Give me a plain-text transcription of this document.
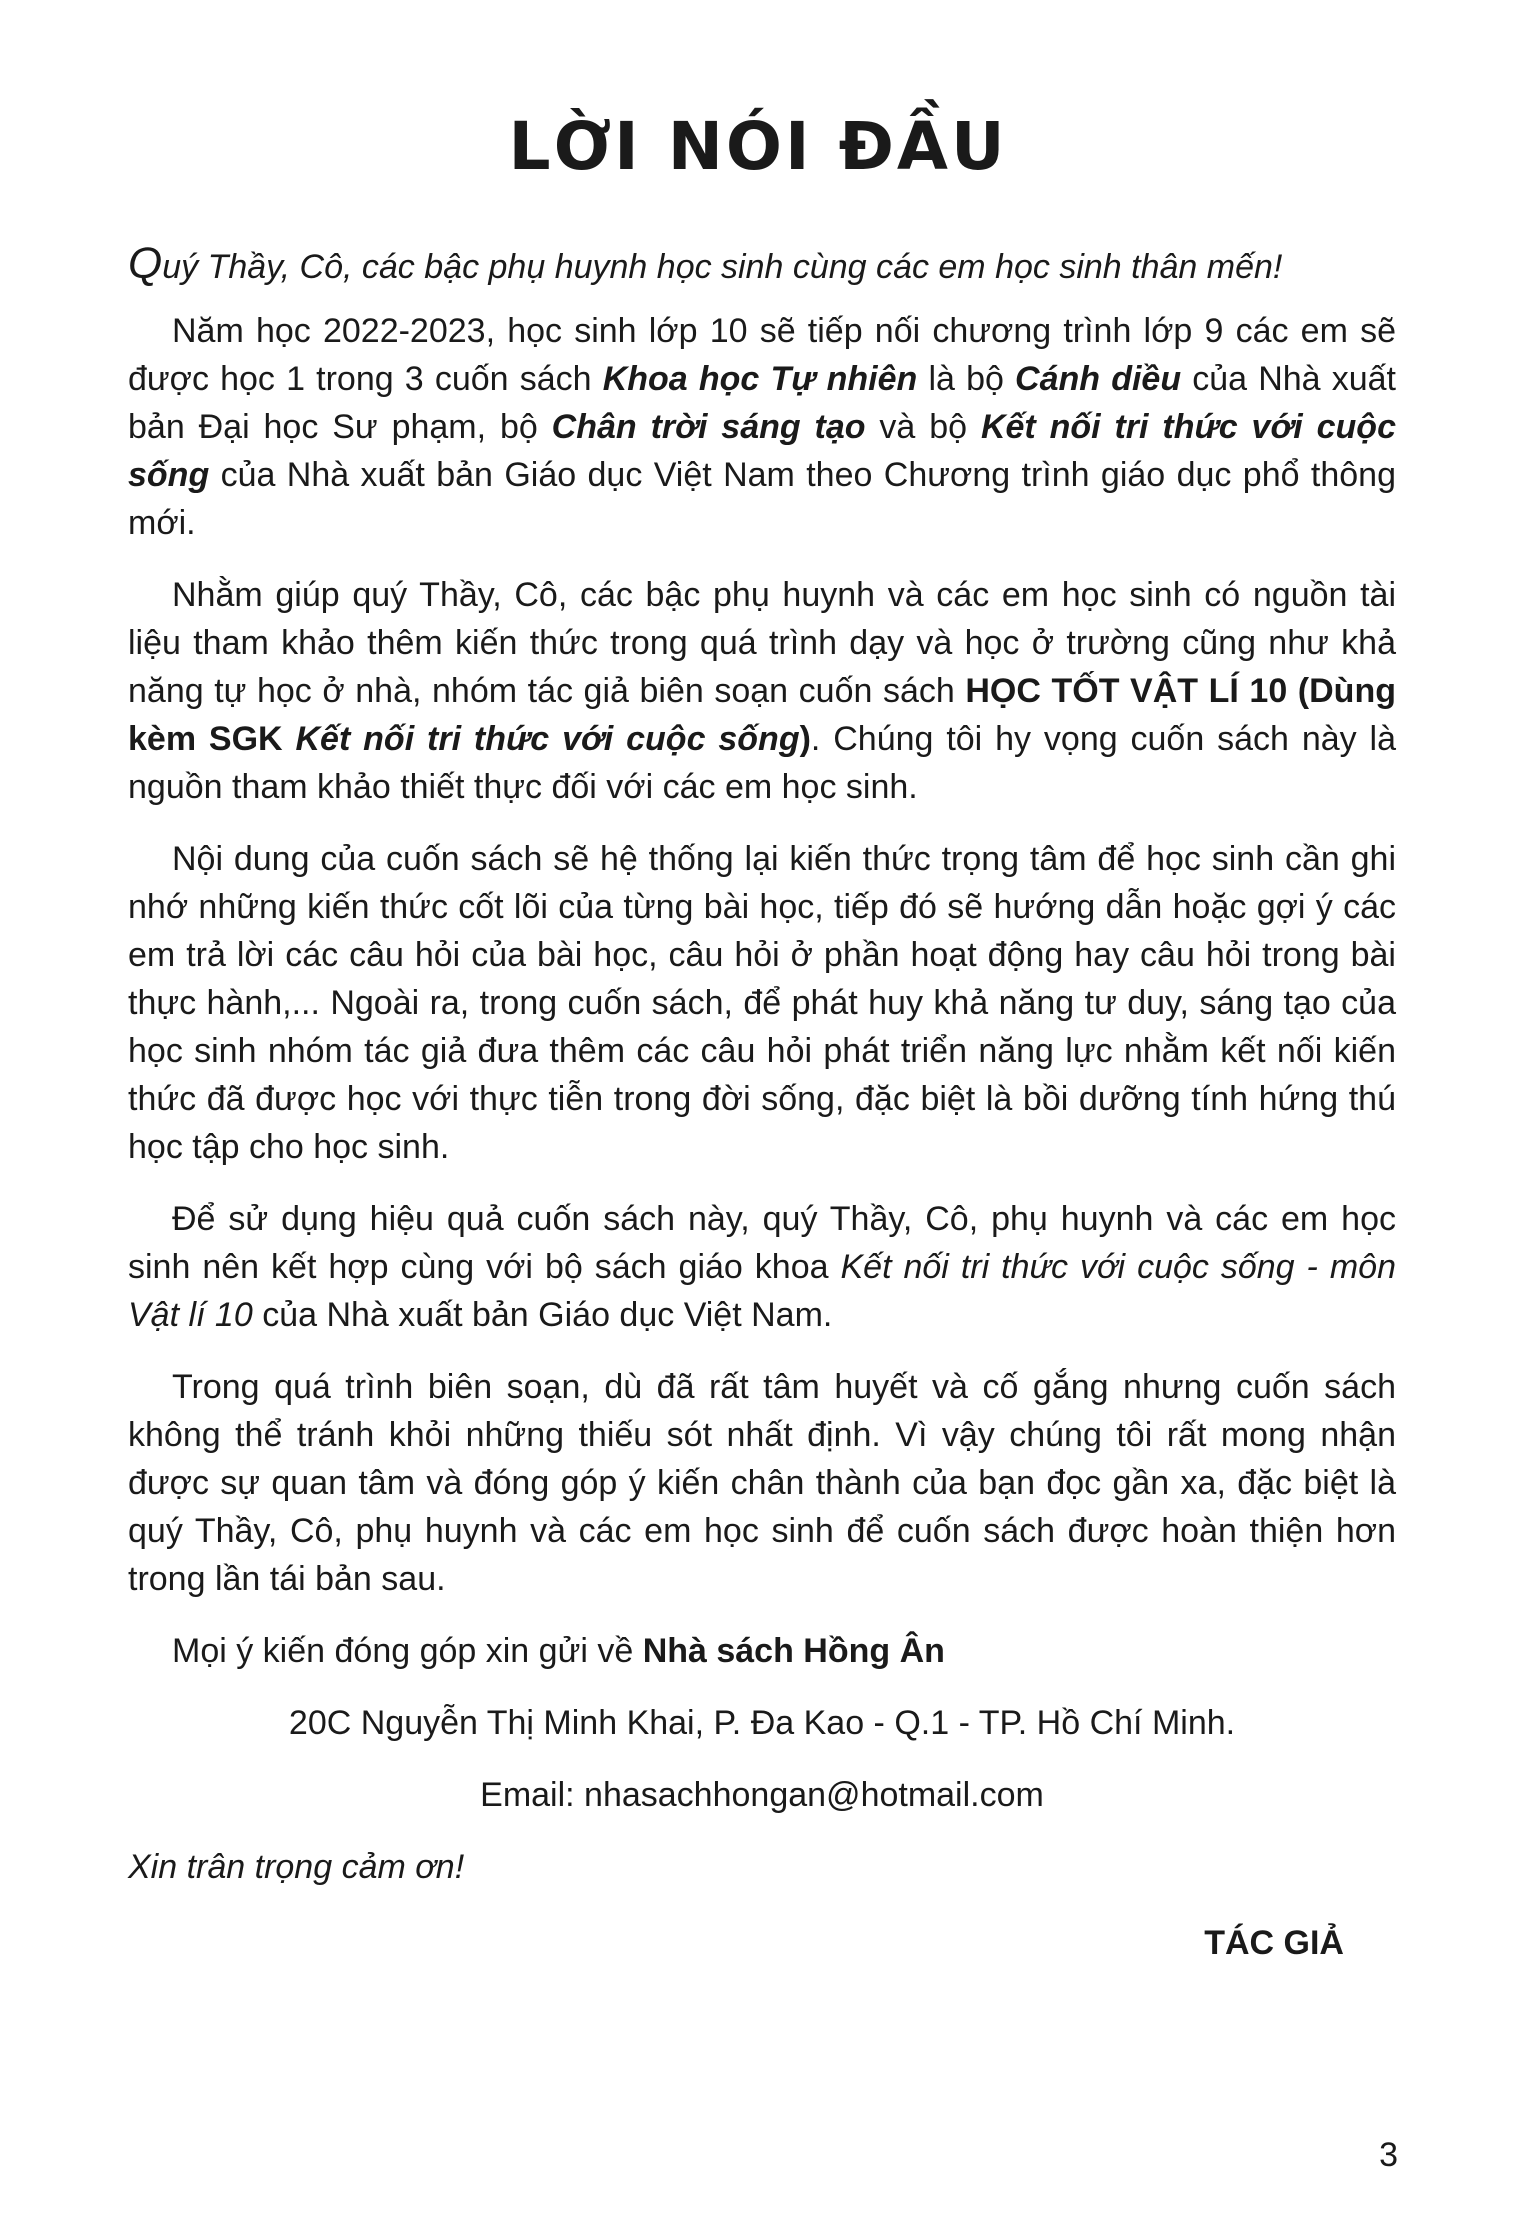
LỜI NÓI ĐẦU

Quý Thầy, Cô, các bậc phụ huynh học sinh cùng các em học sinh thân mến!

Năm học 2022-2023, học sinh lớp 10 sẽ tiếp nối chương trình lớp 9 các em sẽ được học 1 trong 3 cuốn sách Khoa học Tự nhiên là bộ Cánh diều của Nhà xuất bản Đại học Sư phạm, bộ Chân trời sáng tạo và bộ Kết nối tri thức với cuộc sống của Nhà xuất bản Giáo dục Việt Nam theo Chương trình giáo dục phổ thông mới.

Nhằm giúp quý Thầy, Cô, các bậc phụ huynh và các em học sinh có nguồn tài liệu tham khảo thêm kiến thức trong quá trình dạy và học ở trường cũng như khả năng tự học ở nhà, nhóm tác giả biên soạn cuốn sách HỌC TỐT VẬT LÍ 10 (Dùng kèm SGK Kết nối tri thức với cuộc sống). Chúng tôi hy vọng cuốn sách này là nguồn tham khảo thiết thực đối với các em học sinh.

Nội dung của cuốn sách sẽ hệ thống lại kiến thức trọng tâm để học sinh cần ghi nhớ những kiến thức cốt lõi của từng bài học, tiếp đó sẽ hướng dẫn hoặc gợi ý các em trả lời các câu hỏi của bài học, câu hỏi ở phần hoạt động hay câu hỏi trong bài thực hành,... Ngoài ra, trong cuốn sách, để phát huy khả năng tư duy, sáng tạo của học sinh nhóm tác giả đưa thêm các câu hỏi phát triển năng lực nhằm kết nối kiến thức đã được học với thực tiễn trong đời sống, đặc biệt là bồi dưỡng tính hứng thú học tập cho học sinh.

Để sử dụng hiệu quả cuốn sách này, quý Thầy, Cô, phụ huynh và các em học sinh nên kết hợp cùng với bộ sách giáo khoa Kết nối tri thức với cuộc sống - môn Vật lí 10 của Nhà xuất bản Giáo dục Việt Nam.

Trong quá trình biên soạn, dù đã rất tâm huyết và cố gắng nhưng cuốn sách không thể tránh khỏi những thiếu sót nhất định. Vì vậy chúng tôi rất mong nhận được sự quan tâm và đóng góp ý kiến chân thành của bạn đọc gần xa, đặc biệt là quý Thầy, Cô, phụ huynh và các em học sinh để cuốn sách được hoàn thiện hơn trong lần tái bản sau.

Mọi ý kiến đóng góp xin gửi về Nhà sách Hồng Ân

20C Nguyễn Thị Minh Khai, P. Đa Kao - Q.1 - TP. Hồ Chí Minh.

Email: nhasachhongan@hotmail.com

Xin trân trọng cảm ơn!

TÁC GIẢ

3
